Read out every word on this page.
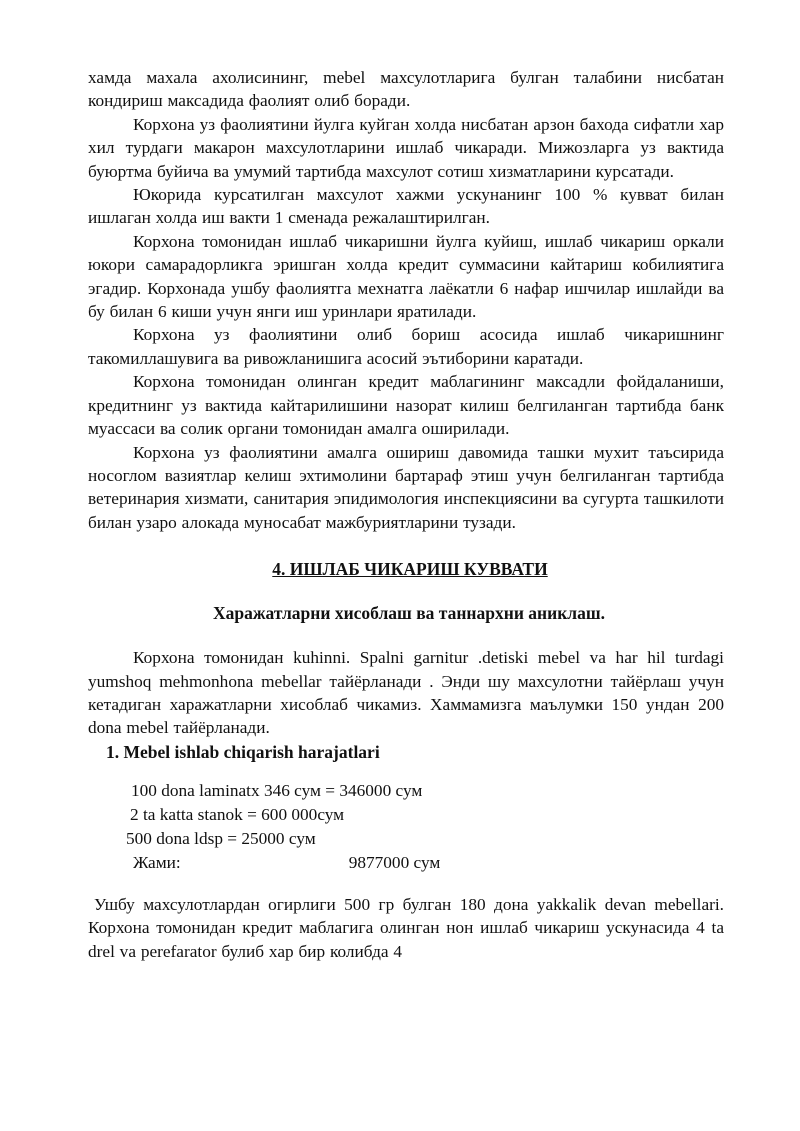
хамда махала ахолисининг, mebel махсулотларига булган талабини нисбатан кондириш максадида фаолият олиб боради.

Корхона уз фаолиятини йулга куйган холда нисбатан арзон бахода сифатли хар хил турдаги макарон махсулотларини ишлаб чикаради. Мижозларга уз вактида буюртма буйича ва умумий тартибда махсулот сотиш хизматларини курсатади.

Юкорида курсатилган махсулот хажми ускунанинг 100 % кувват билан ишлаган холда иш вакти 1 сменада режалаштирилган.

Корхона томонидан ишлаб чикаришни йулга куйиш, ишлаб чикариш оркали юкори самарадорликга эришган холда кредит суммасини кайтариш кобилиятига эгадир. Корхонада ушбу фаолиятга мехнатга лаёкатли 6 нафар ишчилар ишлайди ва бу билан 6 киши учун янги иш уринлари яратилади.

Корхона уз фаолиятини олиб бориш асосида ишлаб чикаришнинг такомиллашувига ва ривожланишига асосий эътиборини каратади.

Корхона томонидан олинган кредит маблагининг максадли фойдаланиши, кредитнинг уз вактида кайтарилишини назорат килиш белгиланган тартибда банк муассаси ва солик органи томонидан амалга оширилади.

Корхона уз фаолиятини амалга ошириш давомида ташки мухит таъсирида носоглом вазиятлар келиш эхтимолини бартараф этиш учун белгиланган тартибда ветеринария хизмати, санитария эпидимология инспекциясини ва сугурта ташкилоти билан узаро алокада муносабат мажбуриятларини тузади.

4. ИШЛАБ ЧИКАРИШ КУВВАТИ
Харажатларни хисоблаш ва таннархни аниклаш.

Корхона томонидан kuhinni. Spalni garnitur .detiski mebel va har hil turdagi yumshoq mehmonhona mebellar тайёрланади . Энди шу махсулотни тайёрлаш учун кетадиган харажатларни хисоблаб чикамиз. Хаммамизга маълумки 150 ундан 200 dona mebel тайёрланади.

1. Mebel ishlab chiqarish harajatlari

100 dona laminatx 346 сум = 346000 сум

2 ta katta stanok = 600 000сум

500 dona ldsp = 25000 сум

Жами:	9877000 сум

Ушбу махсулотлардан огирлиги 500 гр булган 180 дона yakkalik devan mebellari. Корхона томонидан кредит маблагига олинган нон ишлаб чикариш ускунасида 4 ta drel va perefarator булиб хар бир колибда 4
